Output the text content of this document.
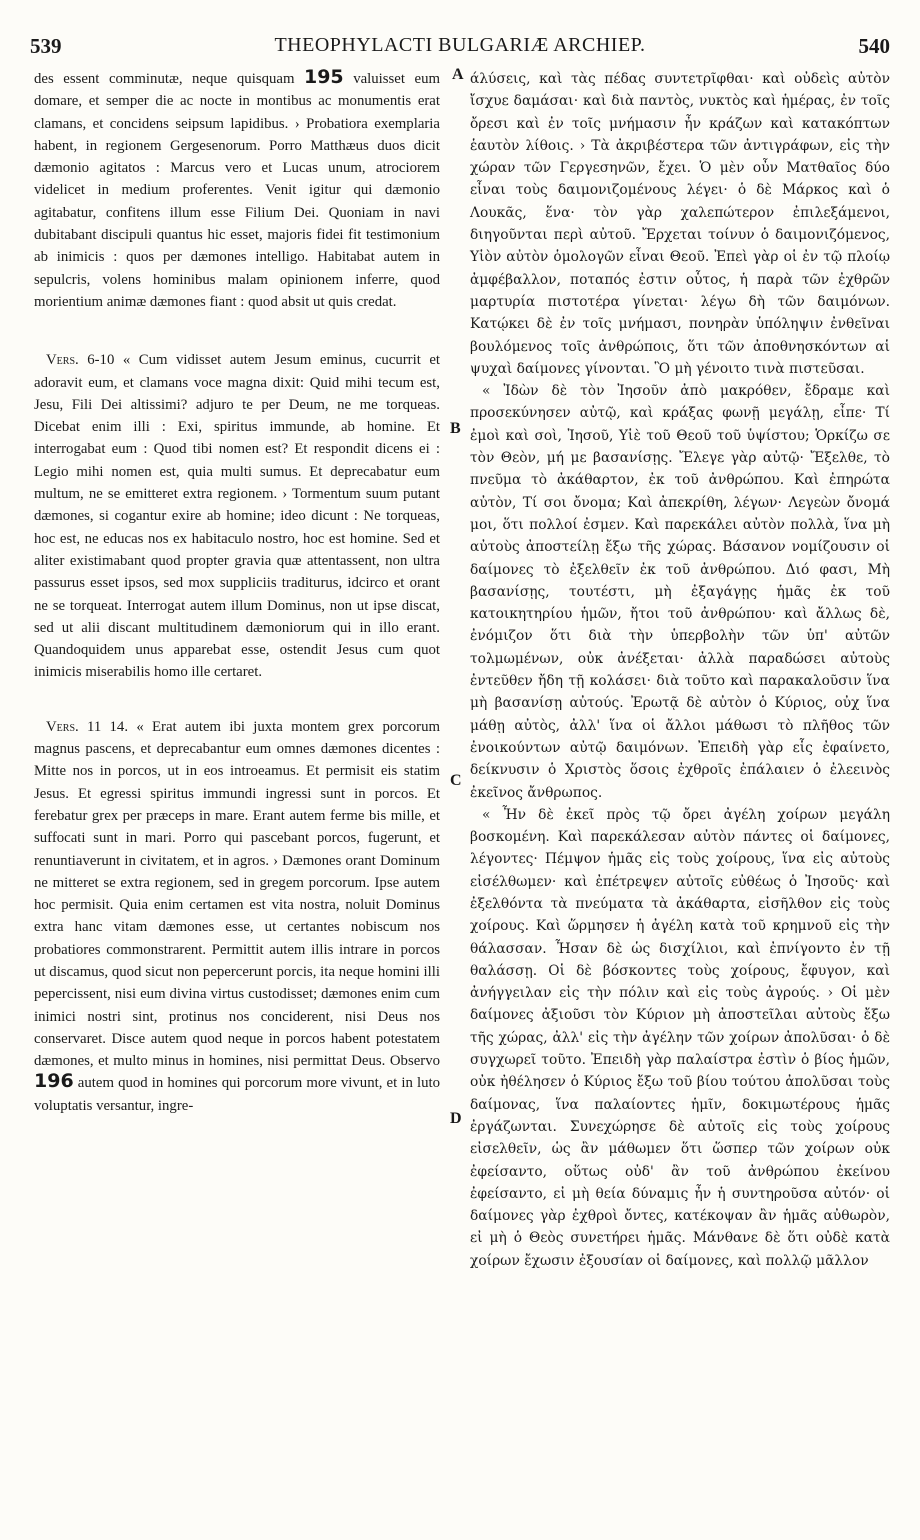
539	THEOPHYLACTI BULGARIÆ ARCHIEP.	540

des essent comminutæ, neque quisquam 195 valuisset eum domare, et semper die ac nocte in montibus ac monumentis erat clamans, et concidens seipsum lapidibus. › Probatiora exemplaria habent, in regionem Gergesenorum. Porro Matthæus duos dicit dæmonio agitatos : Marcus vero et Lucas unum, atrociorem videlicet in medium proferentes. Venit igitur qui dæmonio agitabatur, confitens illum esse Filium Dei. Quoniam in navi dubitabant discipuli quantus hic esset, majoris fidei fit testimonium ab inimicis : quos per dæmones intelligo. Habitabat autem in sepulcris, volens hominibus malam opinionem inferre, quod morientium animæ dæmones fiant : quod absit ut quis credat.

Vers. 6-10 « Cum vidisset autem Jesum eminus, cucurrit et adoravit eum, et clamans voce magna dixit: Quid mihi tecum est, Jesu, Fili Dei altissimi? adjuro te per Deum, ne me torqueas. Dicebat enim illi : Exi, spiritus immunde, ab homine. Et interrogabat eum : Quod tibi nomen est? Et respondit dicens ei : Legio mihi nomen est, quia multi sumus. Et deprecabatur eum multum, ne se emitteret extra regionem. › Tormentum suum putant dæmones, si cogantur exire ab homine; ideo dicunt : Ne torqueas, hoc est, ne educas nos ex habitaculo nostro, hoc est homine. Sed et aliter existimabant quod propter gravia quæ attentassent, non ultra passurus esset ipsos, sed mox suppliciis traditurus, idcirco et orant ne se torqueat. Interrogat autem illum Dominus, non ut ipse discat, sed ut alii discant multitudinem dæmoniorum qui in illo erant. Quandoquidem unus apparebat esse, ostendit Jesus cum quot inimicis miserabilis homo ille certaret.

Vers. 11 14. « Erat autem ibi juxta montem grex porcorum magnus pascens, et deprecabantur eum omnes dæmones dicentes : Mitte nos in porcos, ut in eos introeamus. Et permisit eis statim Jesus. Et egressi spiritus immundi ingressi sunt in porcos. Et ferebatur grex per præceps in mare. Erant autem ferme bis mille, et suffocati sunt in mari. Porro qui pascebant porcos, fugerunt, et renuntiaverunt in civitatem, et in agros. › Dæmones orant Dominum ne mitteret se extra regionem, sed in gregem porcorum. Ipse autem hoc permisit. Quia enim certamen est vita nostra, noluit Dominus extra hanc vitam dæmones esse, ut certantes nobiscum nos probatiores commonstrarent. Permittit autem illis intrare in porcos ut discamus, quod sicut non pepercerunt porcis, ita neque homini illi pepercissent, nisi eum divina virtus custodisset; dæmones enim cum inimici nostri sint, protinus nos conciderent, nisi Deus nos conservaret. Disce autem quod neque in porcos habent potestatem dæmones, et multo minus in homines, nisi permittat Deus. Observo 196 autem quod in homines qui porcorum more vivunt, et in luto voluptatis versantur, ingre-

A
B
C
D

άλύσεις, καὶ τὰς πέδας συντετρῖφθαι· καὶ οὐδεὶς αὐτὸν ἴσχυε δαμάσαι· καὶ διὰ παντὸς, νυκτὸς καὶ ἡμέρας, ἐν τοῖς ὄρεσι καὶ ἐν τοῖς μνήμασιν ἦν κράζων καὶ κατακόπτων ἑαυτὸν λίθοις. › Τὰ ἀκριβέστερα τῶν ἀντιγράφων, εἰς τὴν χώραν τῶν Γεργεσηνῶν, ἔχει. Ὁ μὲν οὖν Ματθαῖος δύο εἶναι τοὺς δαιμονιζομένους λέγει· ὁ δὲ Μάρκος καὶ ὁ Λουκᾶς, ἕνα· τὸν γὰρ χαλεπώτερον ἐπιλεξάμενοι, διηγοῦνται περὶ αὐτοῦ. Ἔρχεται τοίνυν ὁ δαιμονιζόμενος, Υἱὸν αὐτὸν ὁμολογῶν εἶναι Θεοῦ. Ἐπεὶ γὰρ οἱ ἐν τῷ πλοίῳ ἀμφέβαλλον, ποταπός ἐστιν οὗτος, ἡ παρὰ τῶν ἐχθρῶν μαρτυρία πιστοτέρα γίνεται· λέγω δὴ τῶν δαιμόνων. Κατῴκει δὲ ἐν τοῖς μνήμασι, πονηρὰν ὑπόληψιν ἐνθεῖναι βουλόμενος τοῖς ἀνθρώποις, ὅτι τῶν ἀποθνησκόντων αἱ ψυχαὶ δαίμονες γίνονται. Ὃ μὴ γένοιτο τινὰ πιστεῦσαι.

« Ἰδὼν δὲ τὸν Ἰησοῦν ἀπὸ μακρόθεν, ἔδραμε καὶ προσεκύνησεν αὐτῷ, καὶ κράξας φωνῇ μεγάλῃ, εἶπε· Τί ἐμοὶ καὶ σοὶ, Ἰησοῦ, Υἱὲ τοῦ Θεοῦ τοῦ ὑψίστου; Ὁρκίζω σε τὸν Θεὸν, μή με βασανίσῃς. Ἔλεγε γὰρ αὐτῷ· Ἔξελθε, τὸ πνεῦμα τὸ ἀκάθαρτον, ἐκ τοῦ ἀνθρώπου. Καὶ ἐπηρώτα αὐτὸν, Τί σοι ὄνομα; Καὶ ἀπεκρίθη, λέγων· Λεγεὼν ὄνομά μοι, ὅτι πολλοί ἐσμεν. Καὶ παρεκάλει αὐτὸν πολλὰ, ἵνα μὴ αὐτοὺς ἀποστείλῃ ἔξω τῆς χώρας. Βάσανον νομίζουσιν οἱ δαίμονες τὸ ἐξελθεῖν ἐκ τοῦ ἀνθρώπου. Διό φασι, Μὴ βασανίσῃς, τουτέστι, μὴ ἐξαγάγῃς ἡμᾶς ἐκ τοῦ κατοικητηρίου ἡμῶν, ἤτοι τοῦ ἀνθρώπου· καὶ ἄλλως δὲ, ἐνόμιζον ὅτι διὰ τὴν ὑπερβολὴν τῶν ὑπ' αὐτῶν τολμωμένων, οὐκ ἀνέξεται· ἀλλὰ παραδώσει αὐτοὺς ἐντεῦθεν ἤδη τῇ κολάσει· διὰ τοῦτο καὶ παρακαλοῦσιν ἵνα μὴ βασανίσῃ αὐτούς. Ἐρωτᾷ δὲ αὐτὸν ὁ Κύριος, οὐχ ἵνα μάθῃ αὐτὸς, ἀλλ' ἵνα οἱ ἄλλοι μάθωσι τὸ πλῆθος τῶν ἐνοικούντων αὐτῷ δαιμόνων. Ἐπειδὴ γὰρ εἷς ἐφαίνετο, δείκνυσιν ὁ Χριστὸς ὅσοις ἐχθροῖς ἐπάλαιεν ὁ ἐλεεινὸς ἐκεῖνος ἄνθρωπος.

« Ἦν δὲ ἐκεῖ πρὸς τῷ ὄρει ἀγέλη χοίρων μεγάλη βοσκομένη. Καὶ παρεκάλεσαν αὐτὸν πάντες οἱ δαίμονες, λέγοντες· Πέμψον ἡμᾶς εἰς τοὺς χοίρους, ἵνα εἰς αὐτοὺς εἰσέλθωμεν· καὶ ἐπέτρεψεν αὐτοῖς εὐθέως ὁ Ἰησοῦς· καὶ ἐξελθόντα τὰ πνεύματα τὰ ἀκάθαρτα, εἰσῆλθον εἰς τοὺς χοίρους. Καὶ ὥρμησεν ἡ ἀγέλη κατὰ τοῦ κρημνοῦ εἰς τὴν θάλασσαν. Ἦσαν δὲ ὡς δισχίλιοι, καὶ ἐπνίγοντο ἐν τῇ θαλάσσῃ. Οἱ δὲ βόσκοντες τοὺς χοίρους, ἔφυγον, καὶ ἀνήγγειλαν εἰς τὴν πόλιν καὶ εἰς τοὺς ἀγρούς. › Οἱ μὲν δαίμονες ἀξιοῦσι τὸν Κύριον μὴ ἀποστεῖλαι αὐτοὺς ἔξω τῆς χώρας, ἀλλ' εἰς τὴν ἀγέλην τῶν χοίρων ἀπολῦσαι· ὁ δὲ συγχωρεῖ τοῦτο. Ἐπειδὴ γὰρ παλαίστρα ἐστὶν ὁ βίος ἡμῶν, οὐκ ἠθέλησεν ὁ Κύριος ἔξω τοῦ βίου τούτου ἀπολῦσαι τοὺς δαίμονας, ἵνα παλαίοντες ἡμῖν, δοκιμωτέρους ἡμᾶς ἐργάζωνται. Συνεχώρησε δὲ αὐτοῖς εἰς τοὺς χοίρους εἰσελθεῖν, ὡς ἂν μάθωμεν ὅτι ὥσπερ τῶν χοίρων οὐκ ἐφείσαντο, οὕτως οὐδ' ἂν τοῦ ἀνθρώπου ἐκείνου ἐφείσαντο, εἰ μὴ θεία δύναμις ἦν ἡ συντηροῦσα αὐτόν· οἱ δαίμονες γὰρ ἐχθροὶ ὄντες, κατέκοψαν ἂν ἡμᾶς αὐθωρὸν, εἰ μὴ ὁ Θεὸς συνετήρει ἡμᾶς. Μάνθανε δὲ ὅτι οὐδὲ κατὰ χοίρων ἔχωσιν ἐξουσίαν οἱ δαίμονες, καὶ πολλῷ μᾶλλον
